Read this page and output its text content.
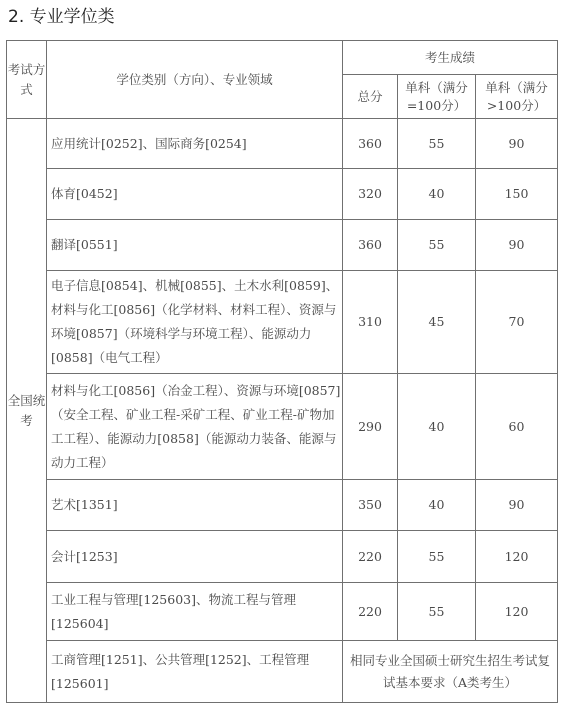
2. 专业学位类
考试方式	学位类别（方向）、专业领域	考生成绩		
		总分	单科（满分=100分）	单科（满分>100分）
全国统考	应用统计[0252]、国际商务[0254]	360	55	90
	体育[0452]	320	40	150
	翻译[0551]	360	55	90
	电子信息[0854]、机械[0855]、土木水利[0859]、材料与化工[0856]（化学材料、材料工程）、资源与环境[0857]（环境科学与环境工程）、能源动力[0858]（电气工程）	310	45	70
	材料与化工[0856]（冶金工程）、资源与环境[0857]（安全工程、矿业工程-采矿工程、矿业工程-矿物加工工程）、能源动力[0858]（能源动力装备、能源与动力工程）	290	40	60
	艺术[1351]	350	40	90
	会计[1253]	220	55	120
	工业工程与管理[125603]、物流工程与管理[125604]	220	55	120
	工商管理[1251]、公共管理[1252]、工程管理[125601]	相同专业全国硕士研究生招生考试复试基本要求（A类考生）		
